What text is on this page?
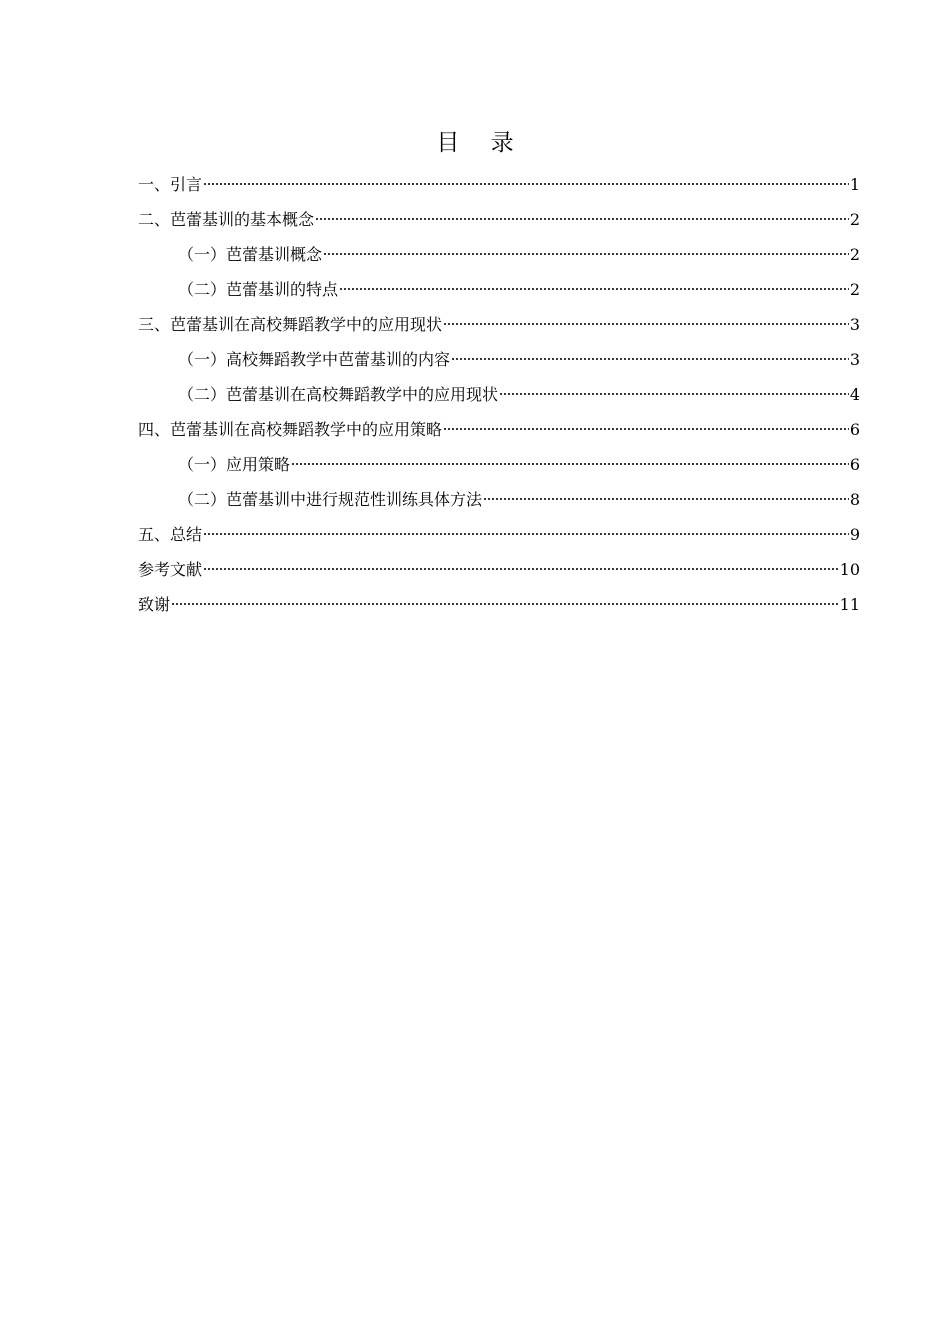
目 录
一、引言	1
二、芭蕾基训的基本概念	2
（一）芭蕾基训概念	2
（二）芭蕾基训的特点	2
三、芭蕾基训在高校舞蹈教学中的应用现状	3
（一）高校舞蹈教学中芭蕾基训的内容	3
（二）芭蕾基训在高校舞蹈教学中的应用现状	4
四、芭蕾基训在高校舞蹈教学中的应用策略	6
（一）应用策略	6
（二）芭蕾基训中进行规范性训练具体方法	8
五、总结	9
参考文献	10
致谢	11
